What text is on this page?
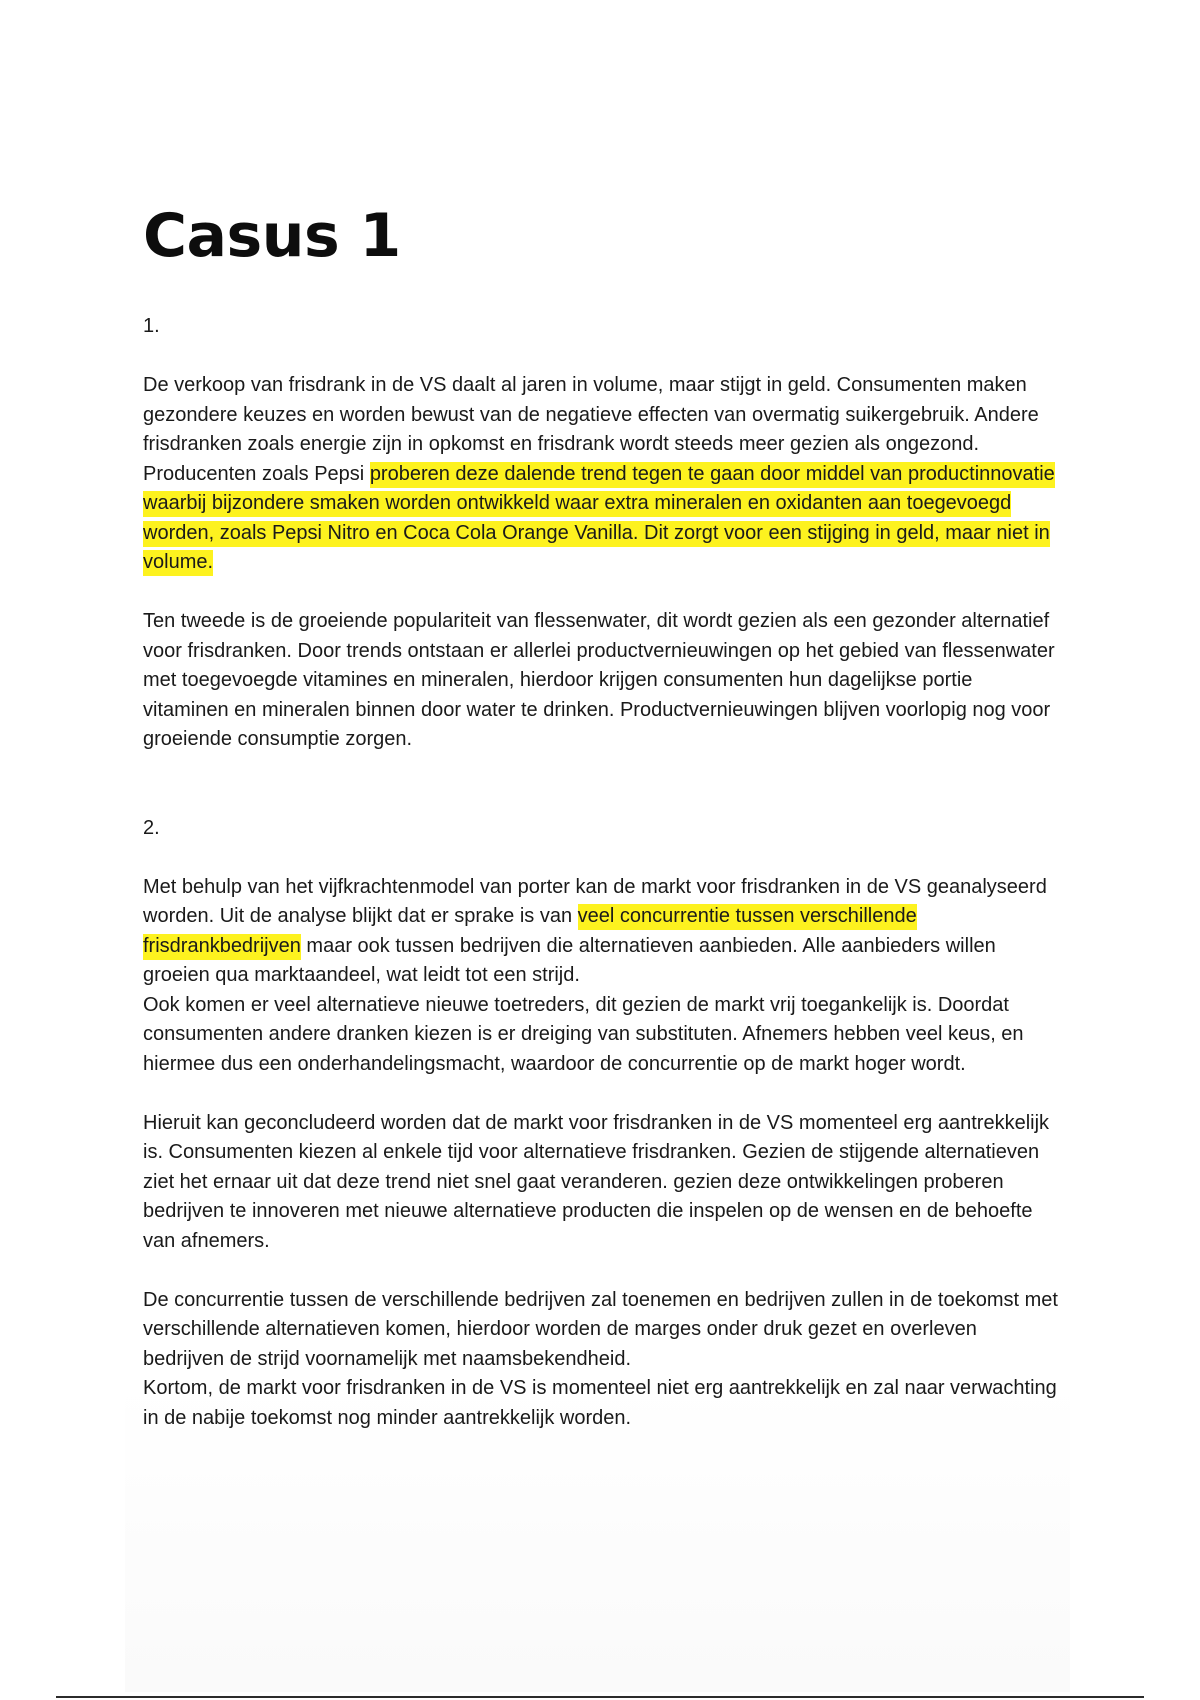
Casus 1
1.

De verkoop van frisdrank in de VS daalt al jaren in volume, maar stijgt in geld. Consumenten maken gezondere keuzes en worden bewust van de negatieve effecten van overmatig suikergebruik. Andere frisdranken zoals energie zijn in opkomst en frisdrank wordt steeds meer gezien als ongezond. Producenten zoals Pepsi proberen deze dalende trend tegen te gaan door middel van productinnovatie waarbij bijzondere smaken worden ontwikkeld waar extra mineralen en oxidanten aan toegevoegd worden, zoals Pepsi Nitro en Coca Cola Orange Vanilla. Dit zorgt voor een stijging in geld, maar niet in volume.

Ten tweede is de groeiende populariteit van flessenwater, dit wordt gezien als een gezonder alternatief voor frisdranken. Door trends ontstaan er allerlei productvernieuwingen op het gebied van flessenwater met toegevoegde vitamines en mineralen, hierdoor krijgen consumenten hun dagelijkse portie vitaminen en mineralen binnen door water te drinken. Productvernieuwingen blijven voorlopig nog voor groeiende consumptie zorgen.

2.

Met behulp van het vijfkrachtenmodel van porter kan de markt voor frisdranken in de VS geanalyseerd worden. Uit de analyse blijkt dat er sprake is van veel concurrentie tussen verschillende frisdrankbedrijven maar ook tussen bedrijven die alternatieven aanbieden. Alle aanbieders willen groeien qua marktaandeel, wat leidt tot een strijd.

Ook komen er veel alternatieve nieuwe toetreders, dit gezien de markt vrij toegankelijk is. Doordat consumenten andere dranken kiezen is er dreiging van substituten. Afnemers hebben veel keus, en hiermee dus een onderhandelingsmacht, waardoor de concurrentie op de markt hoger wordt.

Hieruit kan geconcludeerd worden dat de markt voor frisdranken in de VS momenteel erg aantrekkelijk is. Consumenten kiezen al enkele tijd voor alternatieve frisdranken. Gezien de stijgende alternatieven ziet het ernaar uit dat deze trend niet snel gaat veranderen. gezien deze ontwikkelingen proberen bedrijven te innoveren met nieuwe alternatieve producten die inspelen op de wensen en de behoefte van afnemers.

De concurrentie tussen de verschillende bedrijven zal toenemen en bedrijven zullen in de toekomst met verschillende alternatieven komen, hierdoor worden de marges onder druk gezet en overleven bedrijven de strijd voornamelijk met naamsbekendheid.

Kortom, de markt voor frisdranken in de VS is momenteel niet erg aantrekkelijk en zal naar verwachting in de nabije toekomst nog minder aantrekkelijk worden.
